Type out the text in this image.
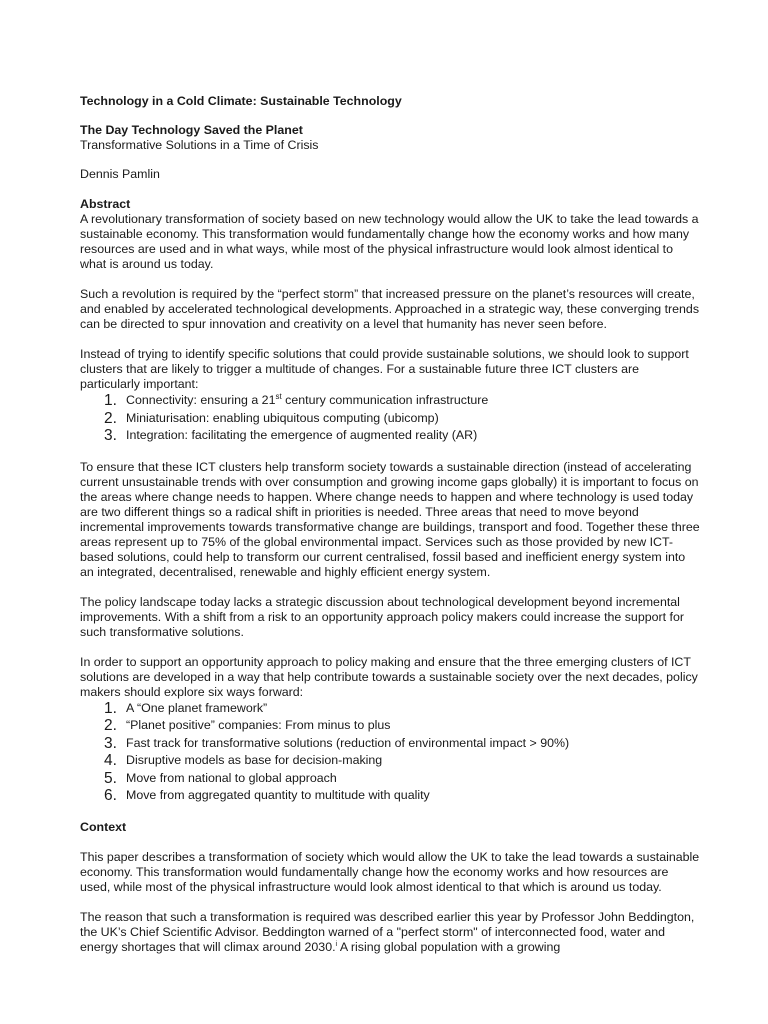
Technology in a Cold Climate: Sustainable Technology

The Day Technology Saved the Planet

Transformative Solutions in a Time of Crisis

Dennis Pamlin

Abstract

A revolutionary transformation of society based on new technology would allow the UK to take the lead towards a sustainable economy. This transformation would fundamentally change how the economy works and how many resources are used and in what ways, while most of the physical infrastructure would look almost identical to what is around us today.

Such a revolution is required by the “perfect storm” that increased pressure on the planet’s resources will create, and enabled by accelerated technological developments. Approached in a strategic way, these converging trends can be directed to spur innovation and creativity on a level that humanity has never seen before.

Instead of trying to identify specific solutions that could provide sustainable solutions, we should look to support clusters that are likely to trigger a multitude of changes. For a sustainable future three ICT clusters are particularly important:

1. Connectivity: ensuring a 21st century communication infrastructure
2. Miniaturisation: enabling ubiquitous computing (ubicomp)
3. Integration: facilitating the emergence of augmented reality (AR)

To ensure that these ICT clusters help transform society towards a sustainable direction (instead of accelerating current unsustainable trends with over consumption and growing income gaps globally) it is important to focus on the areas where change needs to happen. Where change needs to happen and where technology is used today are two different things so a radical shift in priorities is needed. Three areas that need to move beyond incremental improvements towards transformative change are buildings, transport and food. Together these three areas represent up to 75% of the global environmental impact. Services such as those provided by new ICT-based solutions, could help to transform our current centralised, fossil based and inefficient energy system into an integrated, decentralised, renewable and highly efficient energy system.

The policy landscape today lacks a strategic discussion about technological development beyond incremental improvements. With a shift from a risk to an opportunity approach policy makers could increase the support for such transformative solutions.

In order to support an opportunity approach to policy making and ensure that the three emerging clusters of ICT solutions are developed in a way that help contribute towards a sustainable society over the next decades, policy makers should explore six ways forward:

1. A “One planet framework”
2. “Planet positive” companies: From minus to plus
3. Fast track for transformative solutions (reduction of environmental impact > 90%)
4. Disruptive models as base for decision-making
5. Move from national to global approach
6. Move from aggregated quantity to multitude with quality

Context

This paper describes a transformation of society which would allow the UK to take the lead towards a sustainable economy. This transformation would fundamentally change how the economy works and how resources are used, while most of the physical infrastructure would look almost identical to that which is around us today.

The reason that such a transformation is required was described earlier this year by Professor John Beddington, the UK’s Chief Scientific Advisor. Beddington warned of a "perfect storm" of interconnected food, water and energy shortages that will climax around 2030.$^i$ A rising global population with a growing
